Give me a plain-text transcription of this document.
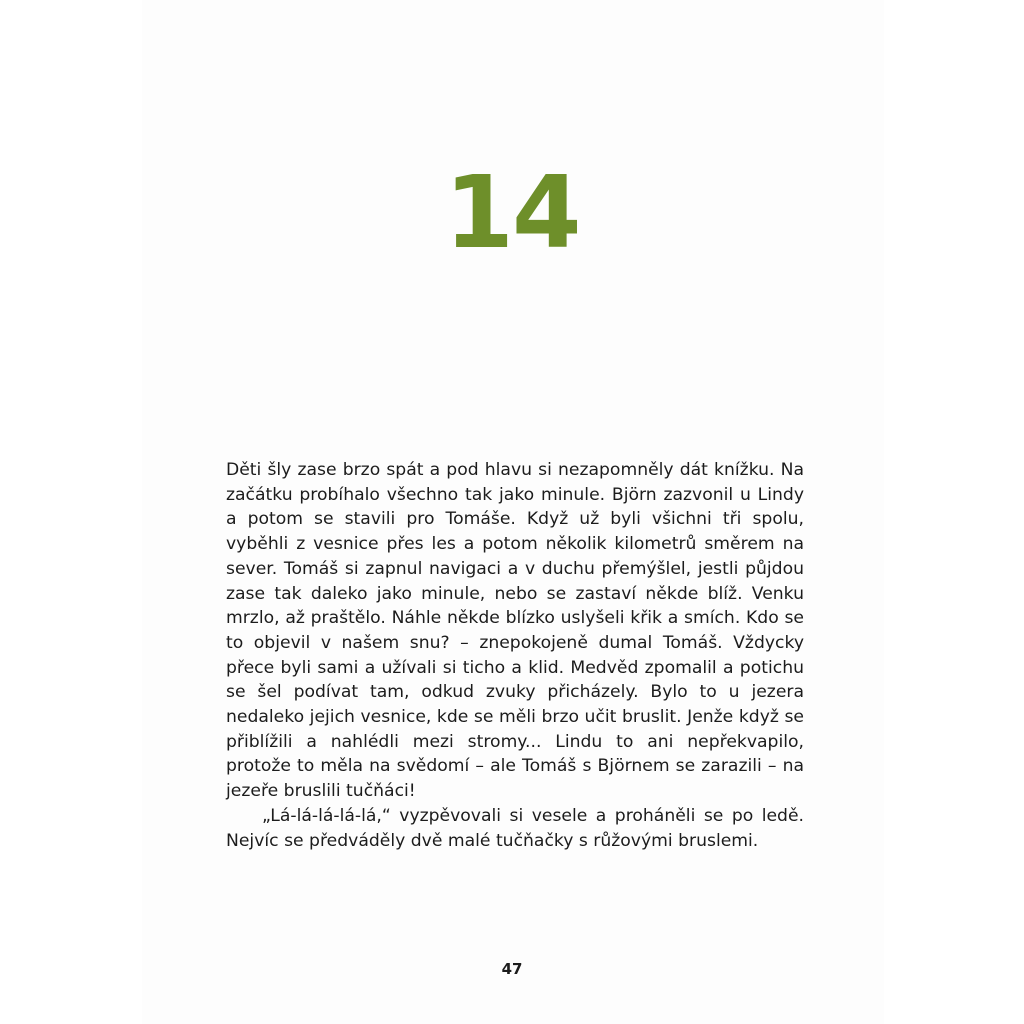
14

Děti šly zase brzo spát a pod hlavu si nezapomněly dát knížku. Na začátku probíhalo všechno tak jako minule. Björn zazvonil u Lindy a potom se stavili pro Tomáše. Když už byli všichni tři spolu, vyběhli z vesnice přes les a potom několik kilometrů směrem na sever. Tomáš si zapnul navigaci a v duchu přemýšlel, jestli půjdou zase tak daleko jako minule, nebo se zastaví někde blíž. Venku mrzlo, až praštělo. Náhle někde blízko uslyšeli křik a smích. Kdo se to objevil v našem snu? – znepokojeně dumal Tomáš. Vždycky přece byli sami a užívali si ticho a klid. Medvěd zpomalil a potichu se šel podívat tam, odkud zvuky přicházely. Bylo to u jezera nedaleko jejich vesnice, kde se měli brzo učit bruslit. Jenže když se přiblížili a nahlédli mezi stromy... Lindu to ani nepřekvapilo, protože to měla na svědomí – ale Tomáš s Björnem se zarazili – na jezeře bruslili tučňáci!

„Lá-lá-lá-lá-lá,“ vyzpěvovali si vesele a proháněli se po ledě. Nejvíc se předváděly dvě malé tučňačky s růžovými bruslemi.

47
